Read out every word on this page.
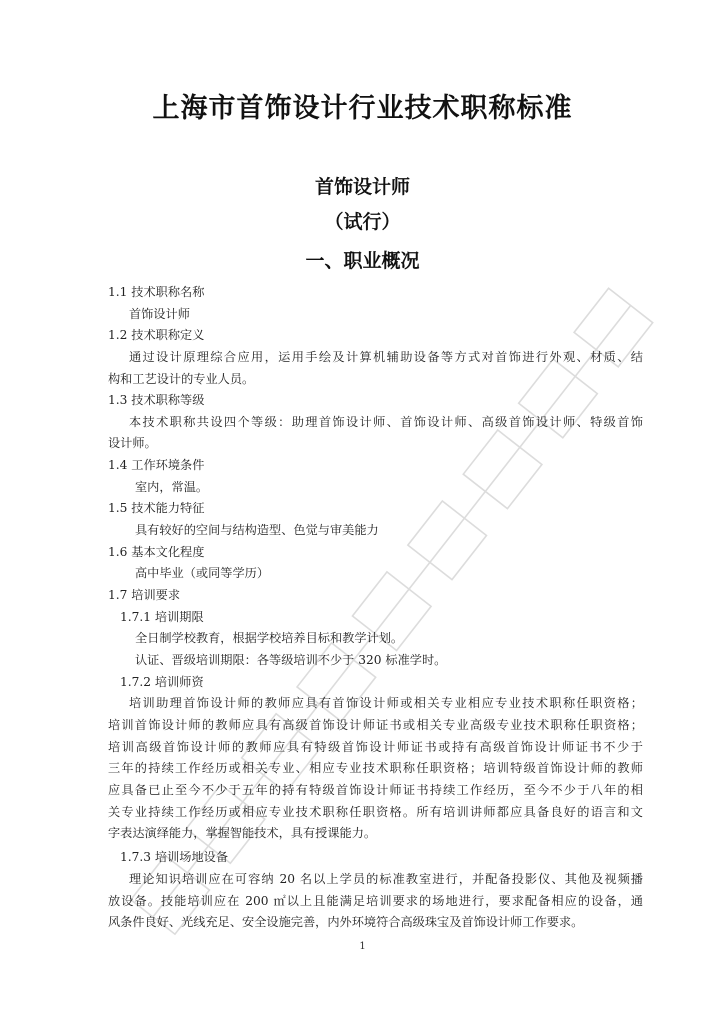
上海市首饰设计行业技术职称标准
首饰设计师
（试行）
一、职业概况
1.1 技术职称名称
首饰设计师
1.2 技术职称定义
通过设计原理综合应用，运用手绘及计算机辅助设备等方式对首饰进行外观、材质、结
构和工艺设计的专业人员。
1.3 技术职称等级
本技术职称共设四个等级：助理首饰设计师、首饰设计师、高级首饰设计师、特级首饰
设计师。
1.4 工作环境条件
室内，常温。
1.5 技术能力特征
具有较好的空间与结构造型、色觉与审美能力
1.6 基本文化程度
高中毕业（或同等学历）
1.7 培训要求
1.7.1 培训期限
全日制学校教育，根据学校培养目标和教学计划。
认证、晋级培训期限：各等级培训不少于 320 标准学时。
1.7.2 培训师资
培训助理首饰设计师的教师应具有首饰设计师或相关专业相应专业技术职称任职资格；
培训首饰设计师的教师应具有高级首饰设计师证书或相关专业高级专业技术职称任职资格；
培训高级首饰设计师的教师应具有特级首饰设计师证书或持有高级首饰设计师证书不少于
三年的持续工作经历或相关专业、相应专业技术职称任职资格；培训特级首饰设计师的教师
应具备已止至今不少于五年的持有特级首饰设计师证书持续工作经历，至今不少于八年的相
关专业持续工作经历或相应专业技术职称任职资格。所有培训讲师都应具备良好的语言和文
字表达演绎能力，掌握智能技术，具有授课能力。
1.7.3 培训场地设备
理论知识培训应在可容纳 20 名以上学员的标准教室进行，并配备投影仪、其他及视频播
放设备。技能培训应在 200 ㎡以上且能满足培训要求的场地进行，要求配备相应的设备，通
风条件良好、光线充足、安全设施完善，内外环境符合高级珠宝及首饰设计师工作要求。
1
